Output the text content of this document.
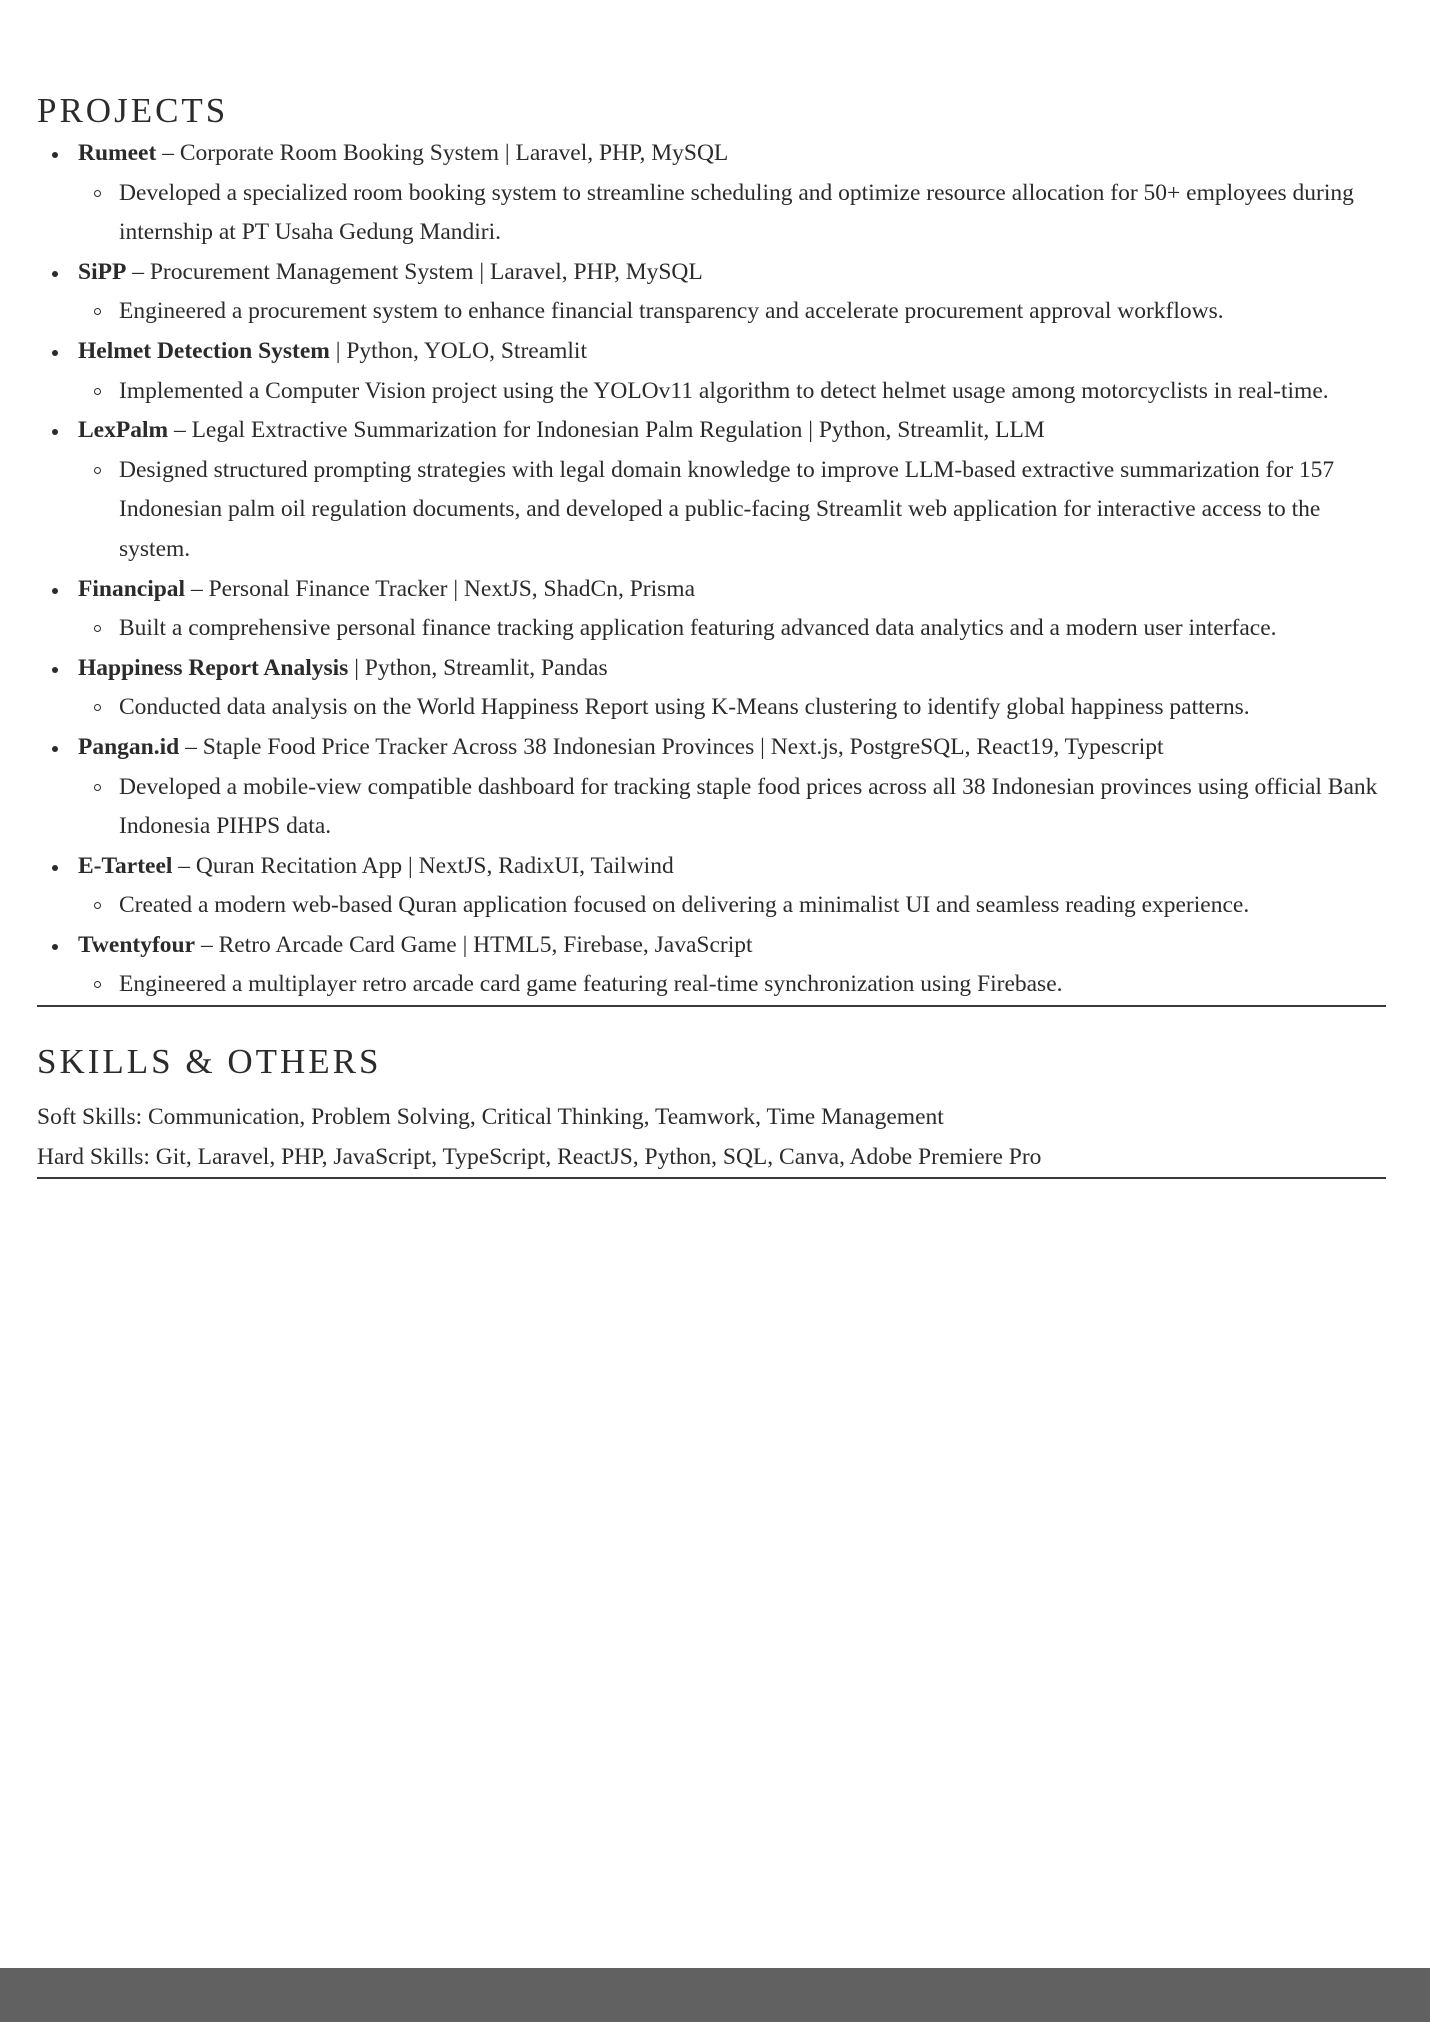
PROJECTS
Rumeet – Corporate Room Booking System | Laravel, PHP, MySQL
Developed a specialized room booking system to streamline scheduling and optimize resource allocation for 50+ employees during internship at PT Usaha Gedung Mandiri.
SiPP – Procurement Management System | Laravel, PHP, MySQL
Engineered a procurement system to enhance financial transparency and accelerate procurement approval workflows.
Helmet Detection System | Python, YOLO, Streamlit
Implemented a Computer Vision project using the YOLOv11 algorithm to detect helmet usage among motorcyclists in real-time.
LexPalm – Legal Extractive Summarization for Indonesian Palm Regulation | Python, Streamlit, LLM
Designed structured prompting strategies with legal domain knowledge to improve LLM-based extractive summarization for 157 Indonesian palm oil regulation documents, and developed a public-facing Streamlit web application for interactive access to the system.
Financipal – Personal Finance Tracker | NextJS, ShadCn, Prisma
Built a comprehensive personal finance tracking application featuring advanced data analytics and a modern user interface.
Happiness Report Analysis | Python, Streamlit, Pandas
Conducted data analysis on the World Happiness Report using K-Means clustering to identify global happiness patterns.
Pangan.id – Staple Food Price Tracker Across 38 Indonesian Provinces | Next.js, PostgreSQL, React19, Typescript
Developed a mobile-view compatible dashboard for tracking staple food prices across all 38 Indonesian provinces using official Bank Indonesia PIHPS data.
E-Tarteel – Quran Recitation App | NextJS, RadixUI, Tailwind
Created a modern web-based Quran application focused on delivering a minimalist UI and seamless reading experience.
Twentyfour – Retro Arcade Card Game | HTML5, Firebase, JavaScript
Engineered a multiplayer retro arcade card game featuring real-time synchronization using Firebase.
SKILLS & OTHERS
Soft Skills: Communication, Problem Solving, Critical Thinking, Teamwork, Time Management
Hard Skills: Git, Laravel, PHP, JavaScript, TypeScript, ReactJS, Python, SQL, Canva, Adobe Premiere Pro
